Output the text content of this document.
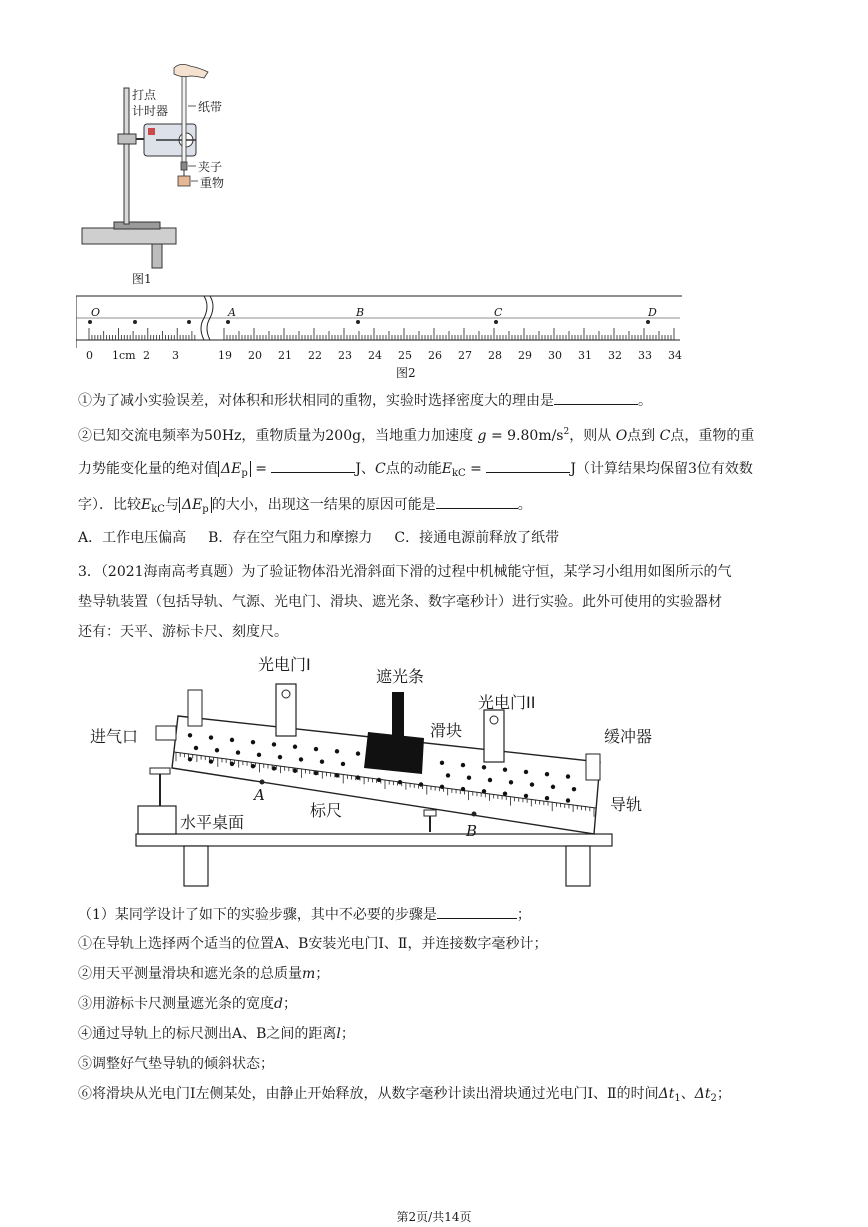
打点
计时器 纸带
夹子
重物
图1
O	A	B	C	D
0 1cm 2 3	19 20 21 22 23 24 25 26 27 28 29 30 31 32 33 34
图2
①为了减小实验误差，对体积和形状相同的重物，实验时选择密度大的理由是	。
②已知交流电频率为50Hz，重物质量为200g，当地重力加速度 $g = 9.80m/s^2$，则从 O点到 C点，重物的重
力势能变化量的绝对值 $\Delta E_p$ =	J、C点的动能$E_{kC}$ =	J（计算结果均保留3位有效数
字）．比较$E_{kC}$与 $\Delta E_p$ 的大小，出现这一结果的原因可能是	。
A．工作电压偏高 B．存在空气阻力和摩擦力 C．接通电源前释放了纸带
3．（2021海南高考真题）为了验证物体沿光滑斜面下滑的过程中机械能守恒，某学习小组用如图所示的气
垫导轨装置（包括导轨、气源、光电门、滑块、遮光条、数字毫秒计）进行实验。此外可使用的实验器材
还有：天平、游标卡尺、刻度尺。
光电门I
遮光条
光电门II
进气口	滑块	缓冲器
A
标尺	导轨
B
水平桌面
（1）某同学设计了如下的实验步骤，其中不必要的步骤是	；
①在导轨上选择两个适当的位置A、B安装光电门Ⅰ、Ⅱ，并连接数字毫秒计；
②用天平测量滑块和遮光条的总质量m；
③用游标卡尺测量遮光条的宽度d；
④通过导轨上的标尺测出A、B之间的距离l；
⑤调整好气垫导轨的倾斜状态；
⑥将滑块从光电门Ⅰ左侧某处，由静止开始释放，从数字毫秒计读出滑块通过光电门Ⅰ、Ⅱ的时间$\Delta t_1$、$\Delta t_2$；
第2页/共14页
